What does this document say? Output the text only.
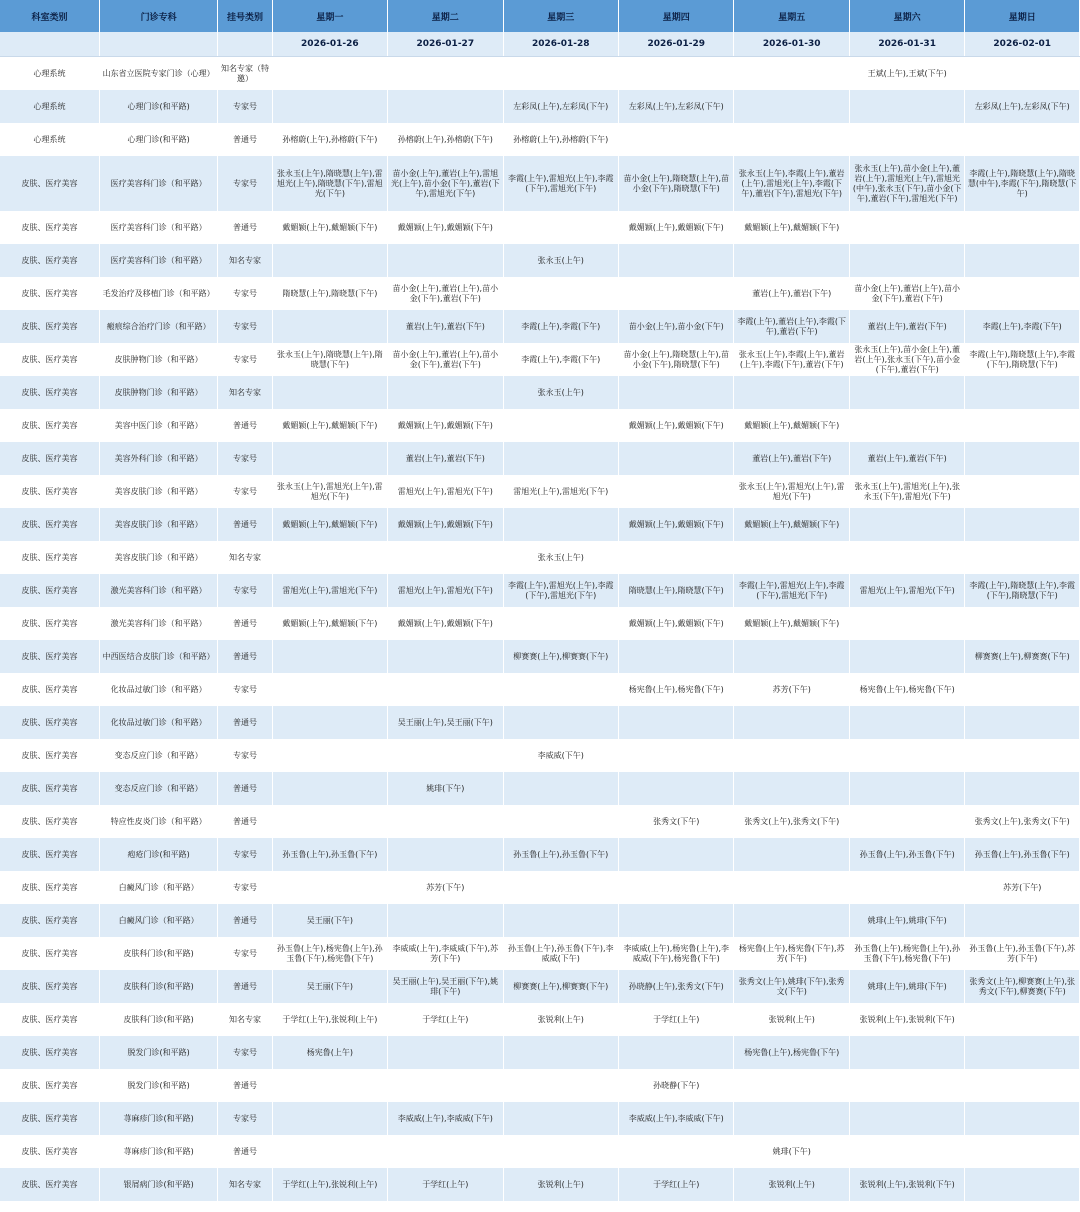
科室类别	门诊专科	挂号类别	星期一	星期二	星期三	星期四	星期五	星期六	星期日
			2026-01-26	2026-01-27	2026-01-28	2026-01-29	2026-01-30	2026-01-31	2026-02-01
心理系统	山东省立医院专家门诊（心理）	知名专家（特邀）						王斌(上午),王斌(下午)	
心理系统	心理门诊(和平路)	专家号			左彩凤(上午),左彩凤(下午)	左彩凤(上午),左彩凤(下午)			左彩凤(上午),左彩凤(下午)
心理系统	心理门诊(和平路)	普通号	孙榕蔚(上午),孙榕蔚(下午)	孙榕蔚(上午),孙榕蔚(下午)	孙榕蔚(上午),孙榕蔚(下午)				
皮肤、医疗美容	医疗美容科门诊（和平路）	专家号	张永玉(上午),隋晓慧(上午),雷旭光(上午),隋晓慧(下午),雷旭光(下午)	苗小金(上午),董岩(上午),雷旭光(上午),苗小金(下午),董岩(下午),雷旭光(下午)	李霞(上午),雷旭光(上午),李霞(下午),雷旭光(下午)	苗小金(上午),隋晓慧(上午),苗小金(下午),隋晓慧(下午)	张永玉(上午),李霞(上午),董岩(上午),雷旭光(上午),李霞(下午),董岩(下午),雷旭光(下午)	张永玉(上午),苗小金(上午),董岩(上午),雷旭光(上午),雷旭光(中午),张永玉(下午),苗小金(下午),董岩(下午),雷旭光(下午)	李霞(上午),隋晓慧(上午),隋晓慧(中午),李霞(下午),隋晓慧(下午)
皮肤、医疗美容	医疗美容科门诊（和平路）	普通号	戴媚颖(上午),戴媚颖(下午)	戴媚颖(上午),戴媚颖(下午)		戴媚颖(上午),戴媚颖(下午)	戴媚颖(上午),戴媚颖(下午)		
皮肤、医疗美容	医疗美容科门诊（和平路）	知名专家			张永玉(上午)				
皮肤、医疗美容	毛发治疗及移植门诊（和平路）	专家号	隋晓慧(上午),隋晓慧(下午)	苗小金(上午),董岩(上午),苗小金(下午),董岩(下午)			董岩(上午),董岩(下午)	苗小金(上午),董岩(上午),苗小金(下午),董岩(下午)	
皮肤、医疗美容	瘢痕综合治疗门诊（和平路）	专家号		董岩(上午),董岩(下午)	李霞(上午),李霞(下午)	苗小金(上午),苗小金(下午)	李霞(上午),董岩(上午),李霞(下午),董岩(下午)	董岩(上午),董岩(下午)	李霞(上午),李霞(下午)
皮肤、医疗美容	皮肤肿物门诊（和平路）	专家号	张永玉(上午),隋晓慧(上午),隋晓慧(下午)	苗小金(上午),董岩(上午),苗小金(下午),董岩(下午)	李霞(上午),李霞(下午)	苗小金(上午),隋晓慧(上午),苗小金(下午),隋晓慧(下午)	张永玉(上午),李霞(上午),董岩(上午),李霞(下午),董岩(下午)	张永玉(上午),苗小金(上午),董岩(上午),张永玉(下午),苗小金(下午),董岩(下午)	李霞(上午),隋晓慧(上午),李霞(下午),隋晓慧(下午)
皮肤、医疗美容	皮肤肿物门诊（和平路）	知名专家			张永玉(上午)				
皮肤、医疗美容	美容中医门诊（和平路）	普通号	戴媚颖(上午),戴媚颖(下午)	戴媚颖(上午),戴媚颖(下午)		戴媚颖(上午),戴媚颖(下午)	戴媚颖(上午),戴媚颖(下午)		
皮肤、医疗美容	美容外科门诊（和平路）	专家号		董岩(上午),董岩(下午)			董岩(上午),董岩(下午)	董岩(上午),董岩(下午)	
皮肤、医疗美容	美容皮肤门诊（和平路）	专家号	张永玉(上午),雷旭光(上午),雷旭光(下午)	雷旭光(上午),雷旭光(下午)	雷旭光(上午),雷旭光(下午)		张永玉(上午),雷旭光(上午),雷旭光(下午)	张永玉(上午),雷旭光(上午),张永玉(下午),雷旭光(下午)	
皮肤、医疗美容	美容皮肤门诊（和平路）	普通号	戴媚颖(上午),戴媚颖(下午)	戴媚颖(上午),戴媚颖(下午)		戴媚颖(上午),戴媚颖(下午)	戴媚颖(上午),戴媚颖(下午)		
皮肤、医疗美容	美容皮肤门诊（和平路）	知名专家			张永玉(上午)				
皮肤、医疗美容	激光美容科门诊（和平路）	专家号	雷旭光(上午),雷旭光(下午)	雷旭光(上午),雷旭光(下午)	李霞(上午),雷旭光(上午),李霞(下午),雷旭光(下午)	隋晓慧(上午),隋晓慧(下午)	李霞(上午),雷旭光(上午),李霞(下午),雷旭光(下午)	雷旭光(上午),雷旭光(下午)	李霞(上午),隋晓慧(上午),李霞(下午),隋晓慧(下午)
皮肤、医疗美容	激光美容科门诊（和平路）	普通号	戴媚颖(上午),戴媚颖(下午)	戴媚颖(上午),戴媚颖(下午)		戴媚颖(上午),戴媚颖(下午)	戴媚颖(上午),戴媚颖(下午)		
皮肤、医疗美容	中西医结合皮肤门诊（和平路）	普通号			柳赛赛(上午),柳赛赛(下午)				柳赛赛(上午),柳赛赛(下午)
皮肤、医疗美容	化妆品过敏门诊（和平路）	专家号				杨宪鲁(上午),杨宪鲁(下午)	苏芳(下午)	杨宪鲁(上午),杨宪鲁(下午)	
皮肤、医疗美容	化妆品过敏门诊（和平路）	普通号		吴王丽(上午),吴王丽(下午)					
皮肤、医疗美容	变态反应门诊（和平路）	专家号			李威威(下午)				
皮肤、医疗美容	变态反应门诊（和平路）	普通号		姚琲(下午)					
皮肤、医疗美容	特应性皮炎门诊（和平路）	普通号				张秀文(下午)	张秀文(上午),张秀文(下午)		张秀文(上午),张秀文(下午)
皮肤、医疗美容	疱疮门诊(和平路)	专家号	孙玉鲁(上午),孙玉鲁(下午)		孙玉鲁(上午),孙玉鲁(下午)			孙玉鲁(上午),孙玉鲁(下午)	孙玉鲁(上午),孙玉鲁(下午)
皮肤、医疗美容	白癜风门诊（和平路）	专家号		苏芳(下午)					苏芳(下午)
皮肤、医疗美容	白癜风门诊（和平路）	普通号	吴王丽(下午)					姚琲(上午),姚琲(下午)	
皮肤、医疗美容	皮肤科门诊(和平路)	专家号	孙玉鲁(上午),杨宪鲁(上午),孙玉鲁(下午),杨宪鲁(下午)	李威威(上午),李威威(下午),苏芳(下午)	孙玉鲁(上午),孙玉鲁(下午),李威威(下午)	李威威(上午),杨宪鲁(上午),李威威(下午),杨宪鲁(下午)	杨宪鲁(上午),杨宪鲁(下午),苏芳(下午)	孙玉鲁(上午),杨宪鲁(上午),孙玉鲁(下午),杨宪鲁(下午)	孙玉鲁(上午),孙玉鲁(下午),苏芳(下午)
皮肤、医疗美容	皮肤科门诊(和平路)	普通号	吴王丽(下午)	吴王丽(上午),吴王丽(下午),姚琲(下午)	柳赛赛(上午),柳赛赛(下午)	孙晓静(上午),张秀文(下午)	张秀文(上午),姚琲(下午),张秀文(下午)	姚琲(上午),姚琲(下午)	张秀文(上午),柳赛赛(上午),张秀文(下午),柳赛赛(下午)
皮肤、医疗美容	皮肤科门诊(和平路)	知名专家	于学红(上午),张锐利(上午)	于学红(上午)	张锐利(上午)	于学红(上午)	张锐利(上午)	张锐利(上午),张锐利(下午)	
皮肤、医疗美容	脱发门诊(和平路)	专家号	杨宪鲁(上午)				杨宪鲁(上午),杨宪鲁(下午)		
皮肤、医疗美容	脱发门诊(和平路)	普通号				孙晓静(下午)			
皮肤、医疗美容	荨麻疹门诊(和平路)	专家号		李威威(上午),李威威(下午)		李威威(上午),李威威(下午)			
皮肤、医疗美容	荨麻疹门诊(和平路)	普通号					姚琲(下午)		
皮肤、医疗美容	银屑病门诊(和平路)	知名专家	于学红(上午),张锐利(上午)	于学红(上午)	张锐利(上午)	于学红(上午)	张锐利(上午)	张锐利(上午),张锐利(下午)	
